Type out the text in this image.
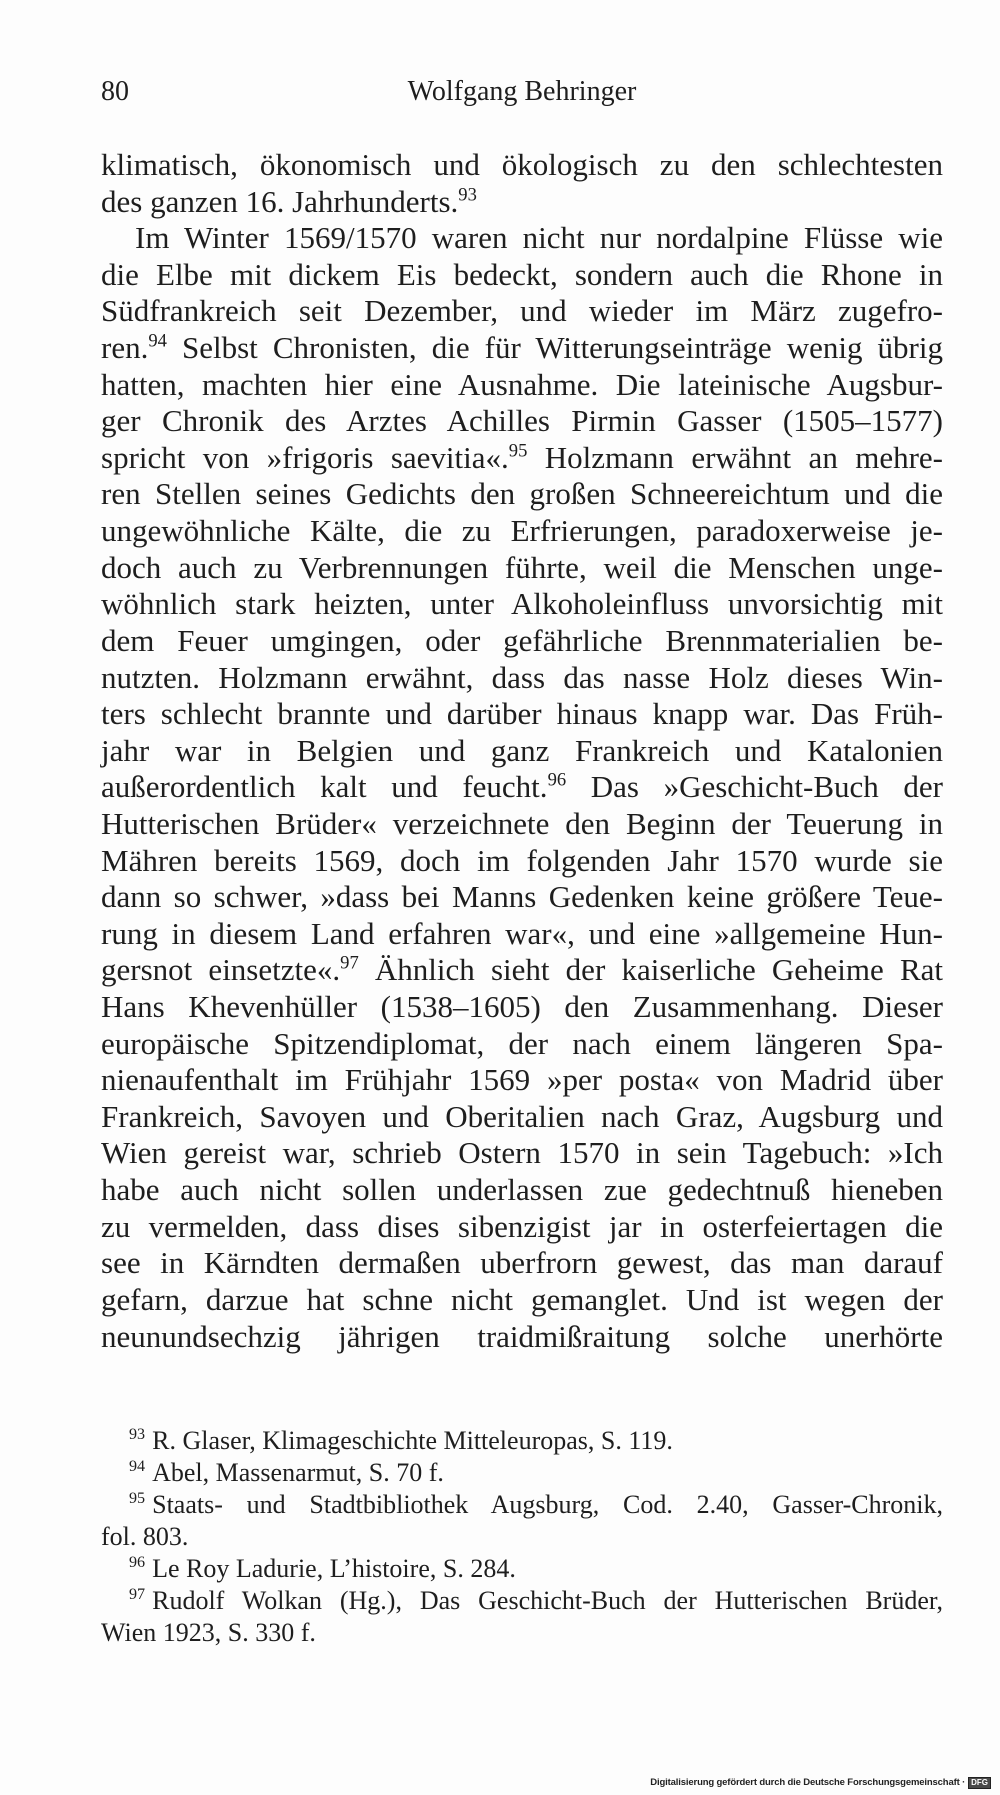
80	Wolfgang Behringer
klimatisch, ökonomisch und ökologisch zu den schlechtesten
des ganzen 16. Jahrhunderts.$^{93}$
Im Winter 1569/1570 waren nicht nur nordalpine Flüsse wie
die Elbe mit dickem Eis bedeckt, sondern auch die Rhone in
Südfrankreich seit Dezember, und wieder im März zugefro-
ren.$^{94}$ Selbst Chronisten, die für Witterungseinträge wenig übrig
hatten, machten hier eine Ausnahme. Die lateinische Augsbur-
ger Chronik des Arztes Achilles Pirmin Gasser (1505–1577)
spricht von »frigoris saevitia«.$^{95}$ Holzmann erwähnt an mehre-
ren Stellen seines Gedichts den großen Schneereichtum und die
ungewöhnliche Kälte, die zu Erfrierungen, paradoxerweise je-
doch auch zu Verbrennungen führte, weil die Menschen unge-
wöhnlich stark heizten, unter Alkoholeinfluss unvorsichtig mit
dem Feuer umgingen, oder gefährliche Brennmaterialien be-
nutzten. Holzmann erwähnt, dass das nasse Holz dieses Win-
ters schlecht brannte und darüber hinaus knapp war. Das Früh-
jahr war in Belgien und ganz Frankreich und Katalonien
außerordentlich kalt und feucht.$^{96}$ Das »Geschicht-Buch der
Hutterischen Brüder« verzeichnete den Beginn der Teuerung in
Mähren bereits 1569, doch im folgenden Jahr 1570 wurde sie
dann so schwer, »dass bei Manns Gedenken keine größere Teue-
rung in diesem Land erfahren war«, und eine »allgemeine Hun-
gersnot einsetzte«.$^{97}$ Ähnlich sieht der kaiserliche Geheime Rat
Hans Khevenhüller (1538–1605) den Zusammenhang. Dieser
europäische Spitzendiplomat, der nach einem längeren Spa-
nienaufenthalt im Frühjahr 1569 »per posta« von Madrid über
Frankreich, Savoyen und Oberitalien nach Graz, Augsburg und
Wien gereist war, schrieb Ostern 1570 in sein Tagebuch: »Ich
habe auch nicht sollen underlassen zue gedechtnuß hieneben
zu vermelden, dass dises sibenzigist jar in osterfeiertagen die
see in Kärndten dermaßen uberfrorn gewest, das man darauf
gefarn, darzue hat schne nicht gemanglet. Und ist wegen der
neunundsechzig jährigen traidmißraitung solche unerhörte
$^{93}$ R. Glaser, Klimageschichte Mitteleuropas, S. 119.
$^{94}$ Abel, Massenarmut, S. 70 f.
$^{95}$ Staats- und Stadtbibliothek Augsburg, Cod. 2.40, Gasser-Chronik,
fol. 803.
$^{96}$ Le Roy Ladurie, L’histoire, S. 284.
$^{97}$ Rudolf Wolkan (Hg.), Das Geschicht-Buch der Hutterischen Brüder,
Wien 1923, S. 330 f.
Digitalisierung gefördert durch die Deutsche Forschungsgemeinschaft · DFG
